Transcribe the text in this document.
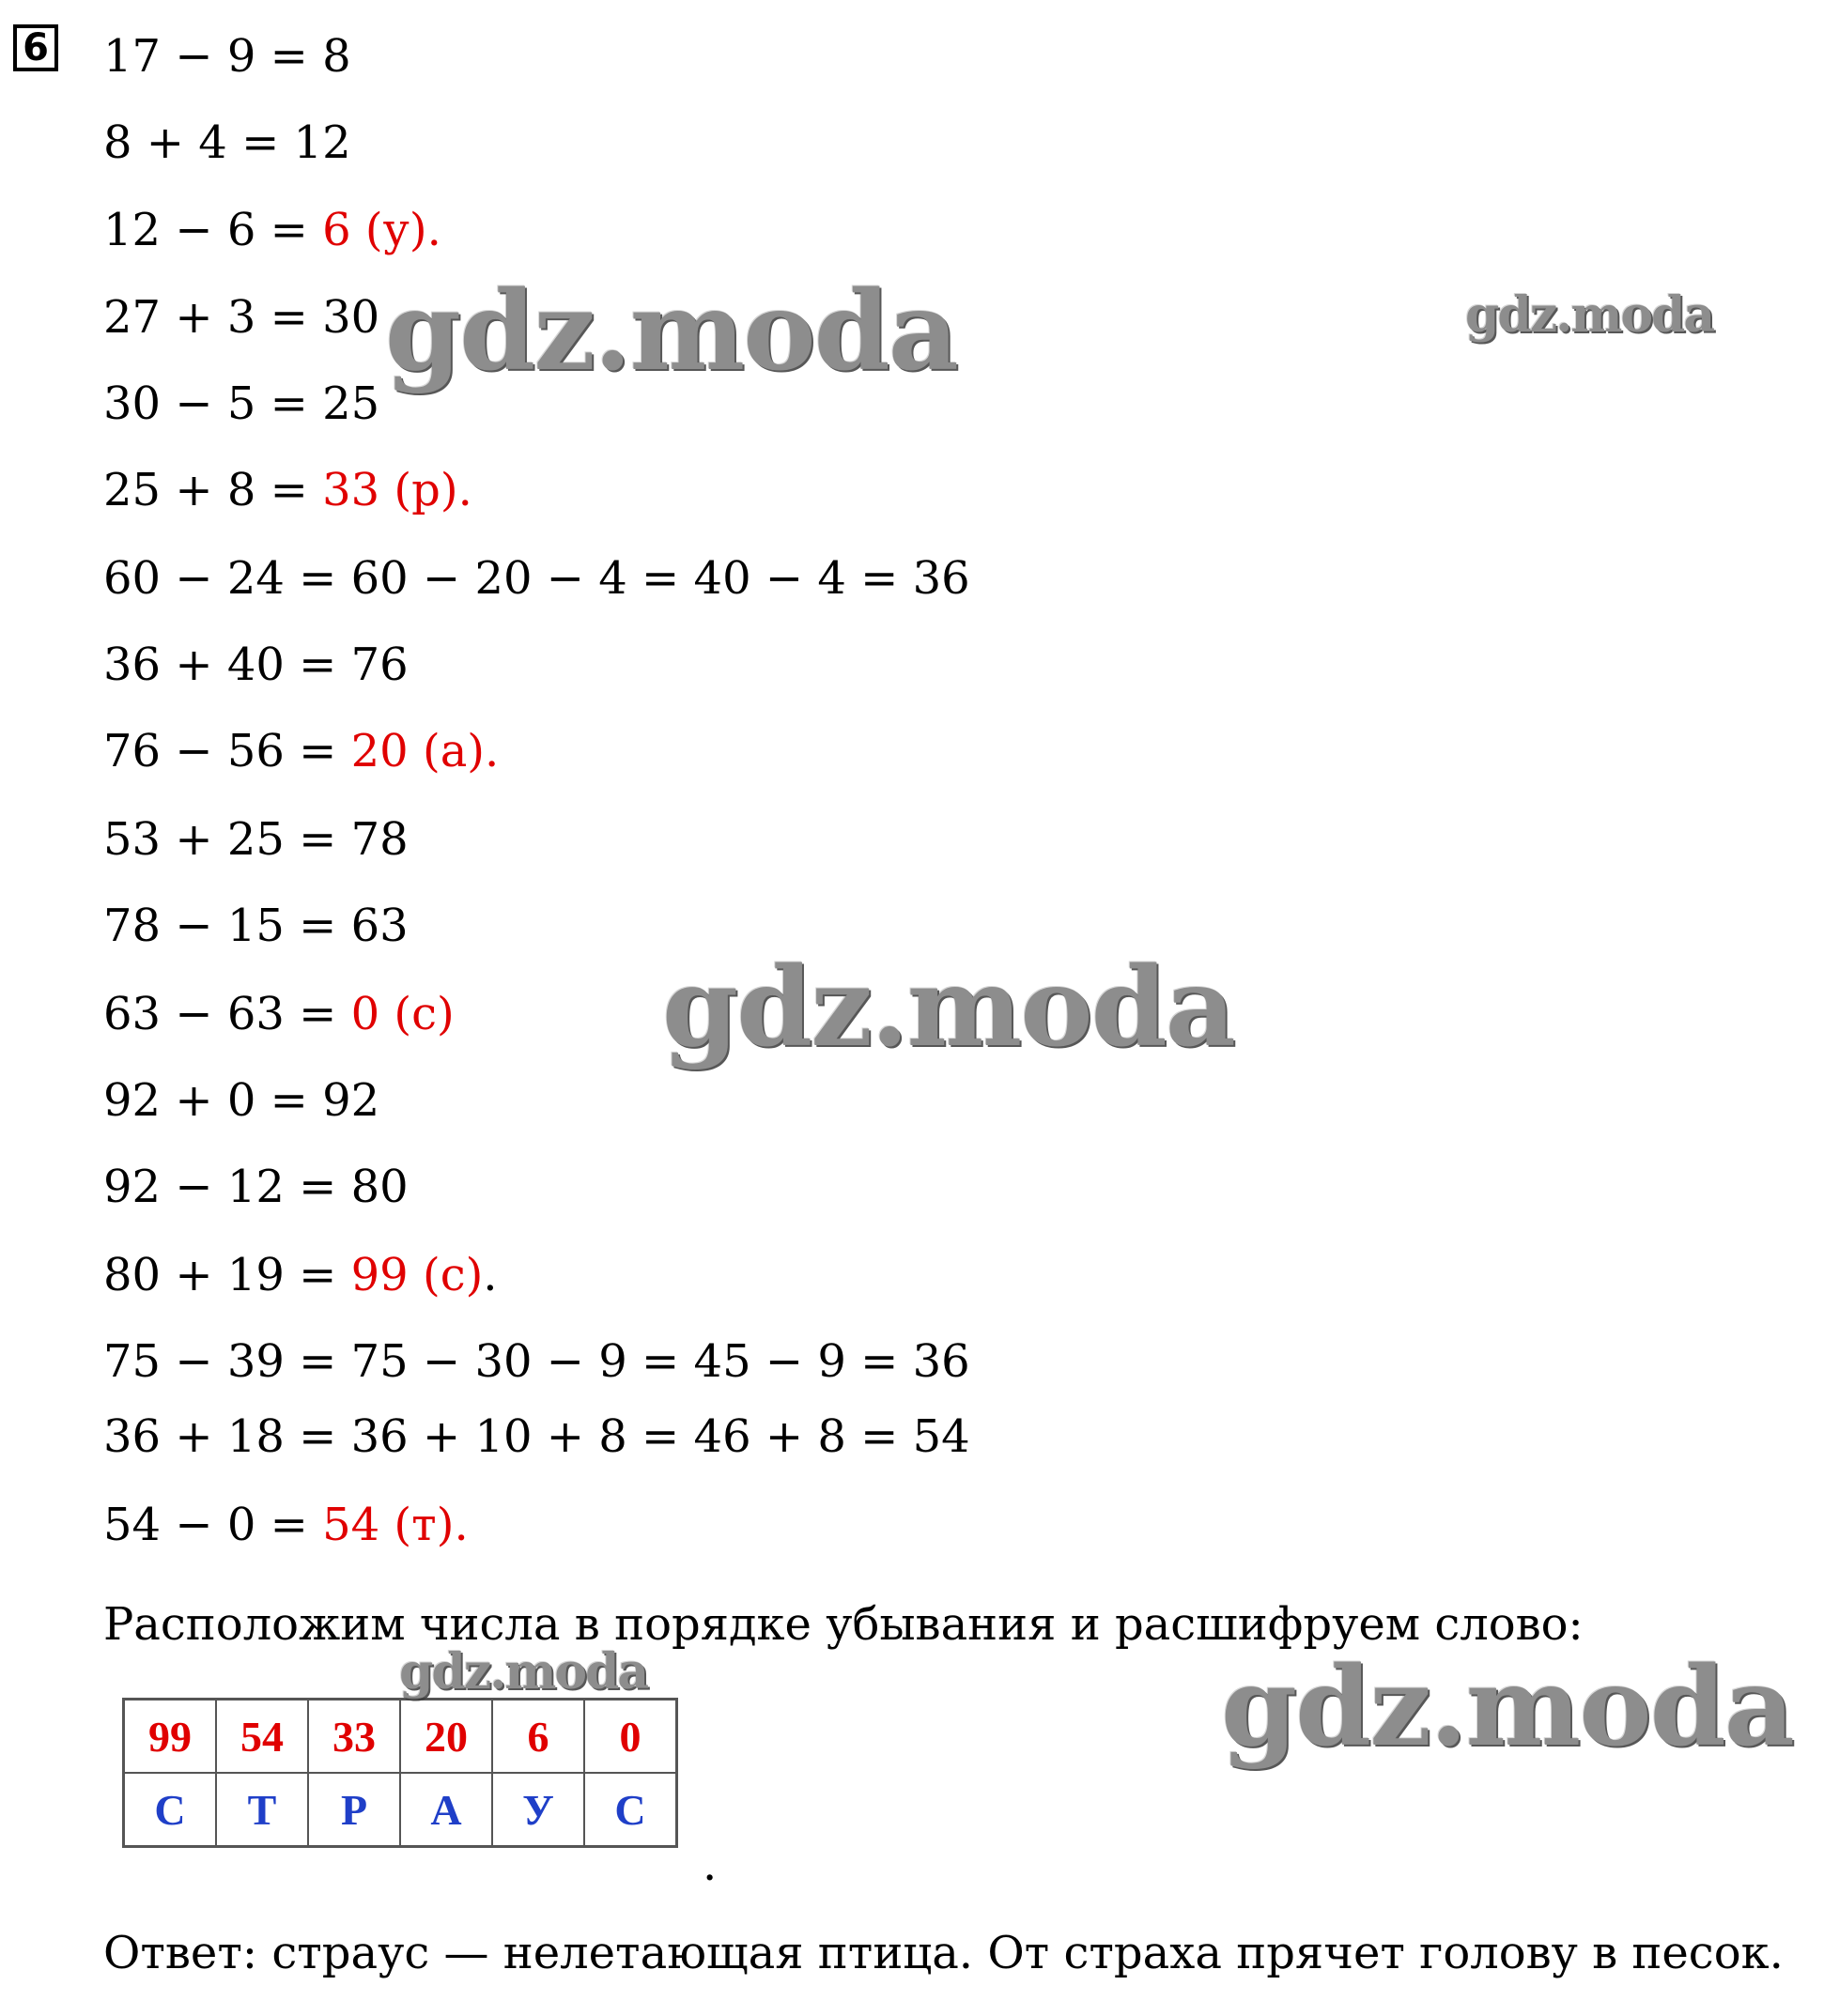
6 17 − 9 = 8
8 + 4 = 12
12 − 6 = 6 (у).
27 + 3 = 30
30 − 5 = 25
25 + 8 = 33 (р).
60 − 24 = 60 − 20 − 4 = 40 − 4 = 36
36 + 40 = 76
76 − 56 = 20 (а).
53 + 25 = 78
78 − 15 = 63
63 − 63 = 0 (с)
92 + 0 = 92
92 − 12 = 80
80 + 19 = 99 (с).
75 − 39 = 75 − 30 − 9 = 45 − 9 = 36
36 + 18 = 36 + 10 + 8 = 46 + 8 = 54
54 − 0 = 54 (т).
Расположим числа в порядке убывания и расшифруем слово:
99	54	33	20	6	0
С	Т	Р	А	У	С
.
Ответ: страус — нелетающая птица. От страха прячет голову в песок.
gdz.moda	gdz.moda
gdz.moda
gdz.moda	gdz.moda
